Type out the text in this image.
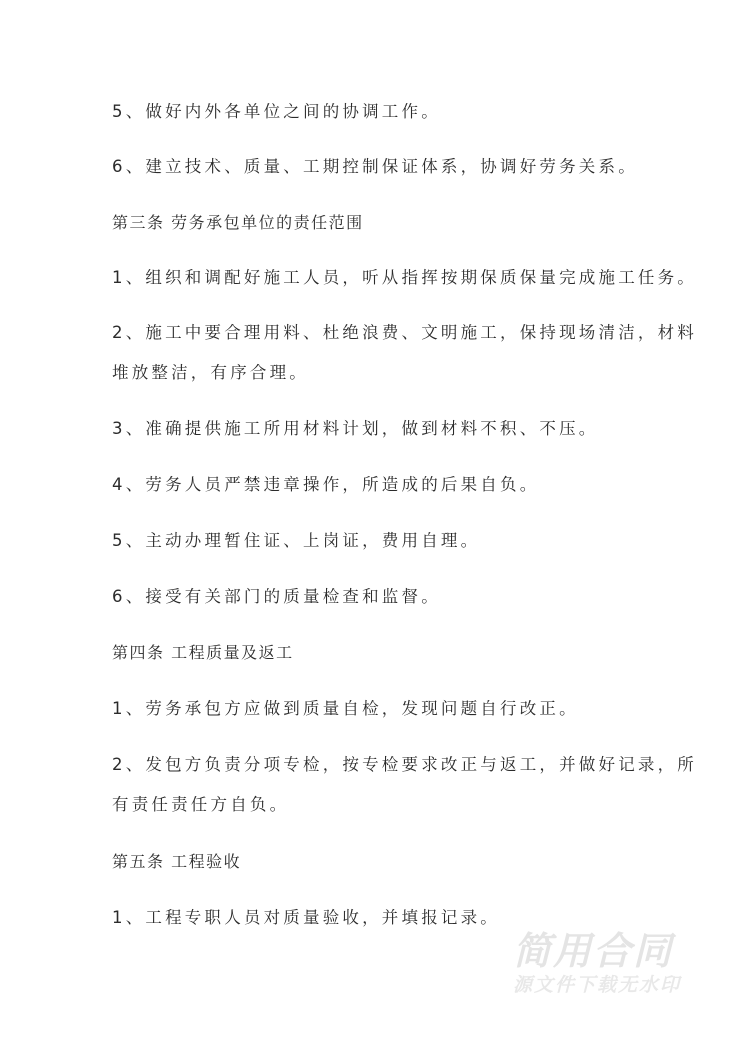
5、做好内外各单位之间的协调工作。
6、建立技术、质量、工期控制保证体系，协调好劳务关系。
第三条 劳务承包单位的责任范围
1、组织和调配好施工人员，听从指挥按期保质保量完成施工任务。
2、施工中要合理用料、杜绝浪费、文明施工，保持现场清洁，材料
堆放整洁，有序合理。
3、准确提供施工所用材料计划，做到材料不积、不压。
4、劳务人员严禁违章操作，所造成的后果自负。
5、主动办理暂住证、上岗证，费用自理。
6、接受有关部门的质量检查和监督。
第四条 工程质量及返工
1、劳务承包方应做到质量自检，发现问题自行改正。
2、发包方负责分项专检，按专检要求改正与返工，并做好记录，所
有责任责任方自负。
第五条 工程验收
1、工程专职人员对质量验收，并填报记录。
简用合同
源文件下载无水印
